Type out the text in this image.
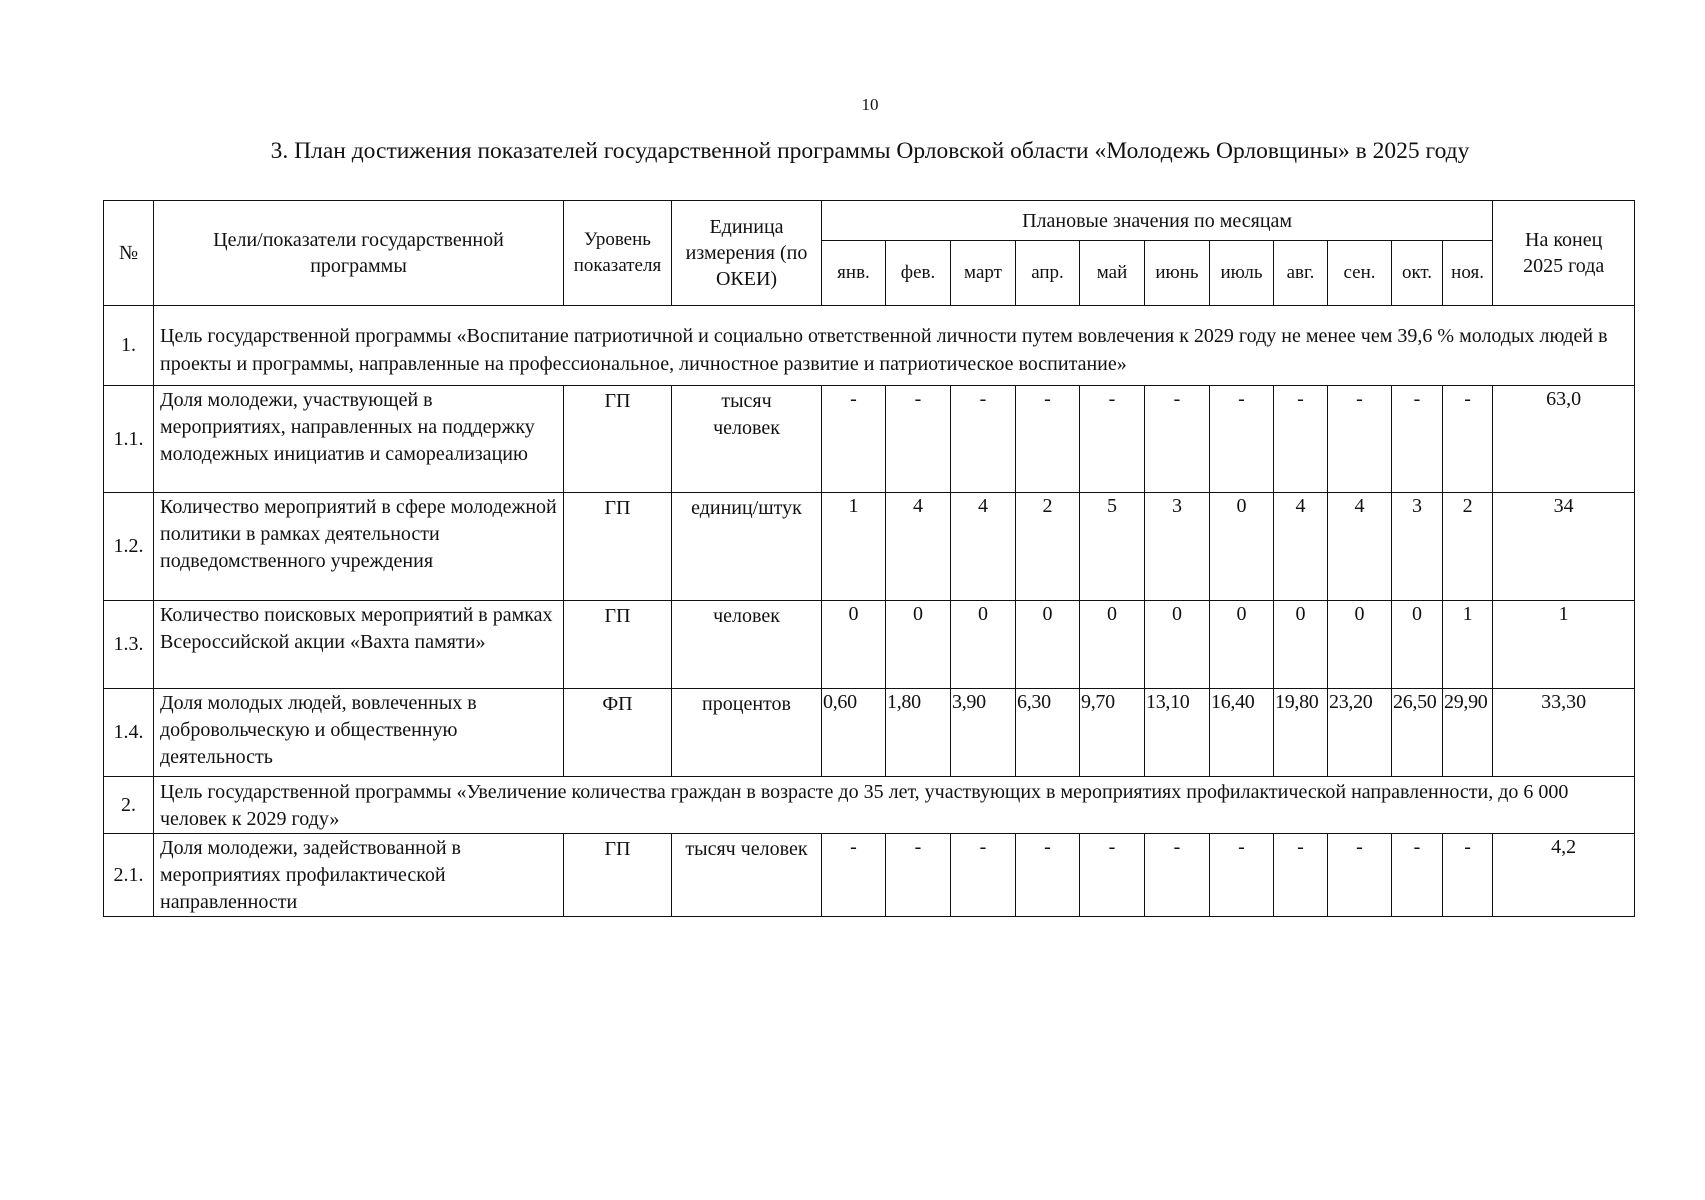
10
3. План достижения показателей государственной программы Орловской области «Молодежь Орловщины» в 2025 году
№	Цели/показатели государственной программы	Уровень показателя	Единица измерения (по ОКЕИ)	Плановые значения по месяцам											На конец 2025 года
				янв.	фев.	март	апр.	май	июнь	июль	авг.	сен.	окт.	ноя.	
1.	Цель государственной программы «Воспитание патриотичной и социально ответственной личности путем вовлечения к 2029 году не менее чем 39,6 % молодых людей в проекты и программы, направленные на профессиональное, личностное развитие и патриотическое воспитание»														
1.1.	Доля молодежи, участвующей в мероприятиях, направленных на поддержку молодежных инициатив и самореализацию	ГП	тысяч человек	-	-	-	-	-	-	-	-	-	-	-	63,0
1.2.	Количество мероприятий в сфере молодежной политики в рамках деятельности подведомственного учреждения	ГП	единиц/штук	1	4	4	2	5	3	0	4	4	3	2	34
1.3.	Количество поисковых мероприятий в рамках Всероссийской акции «Вахта памяти»	ГП	человек	0	0	0	0	0	0	0	0	0	0	1	1
1.4.	Доля молодых людей, вовлеченных в добровольческую и общественную деятельность	ФП	процентов	0,60	1,80	3,90	6,30	9,70	13,10	16,40	19,80	23,20	26,50	29,90	33,30
2.	Цель государственной программы «Увеличение количества граждан в возрасте до 35 лет, участвующих в мероприятиях профилактической направленности, до 6 000 человек к 2029 году»														
2.1.	Доля молодежи, задействованной в мероприятиях профилактической направленности	ГП	тысяч человек	-	-	-	-	-	-	-	-	-	-	-	4,2
